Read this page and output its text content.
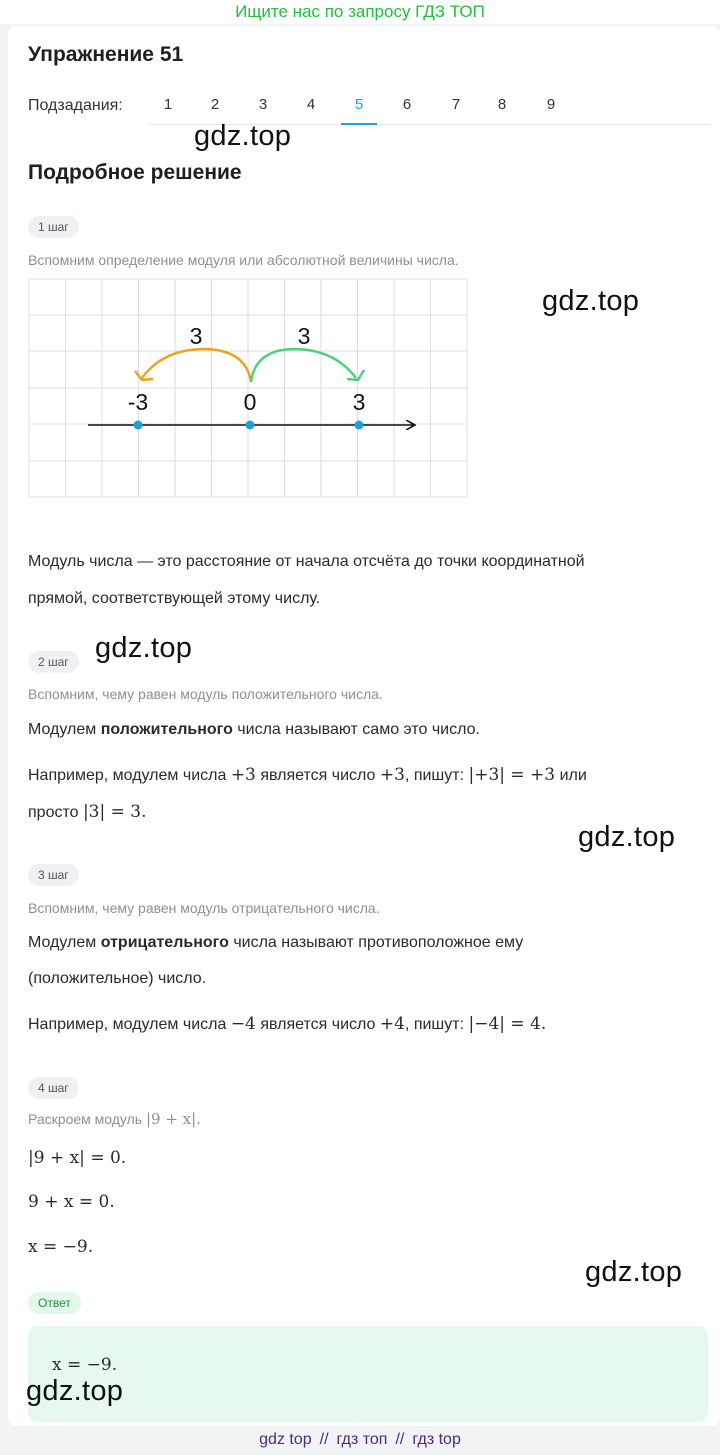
Ищите нас по запросу ГДЗ ТОП
Упражнение 51
Подзадания:	1	2	3	4	5	6	7	8	9
gdz.top
Подробное решение
1 шаг
Вспомним определение модуля или абсолютной величины числа.
3	3
-3	0	3
gdz.top
Модуль числа — это расстояние от начала отсчёта до точки координатной
прямой, соответствующей этому числу.
2 шаг gdz.top
Вспомним, чему равен модуль положительного числа.
Модулем положительного числа называют само это число.
Например, модулем числа +3 является число +3, пишут: |+3| = +3 или
просто |3| = 3.
gdz.top
3 шаг
Вспомним, чему равен модуль отрицательного числа.
Модулем отрицательного числа называют противоположное ему
(положительное) число.
Например, модулем числа −4 является число +4, пишут: |−4| = 4.
4 шаг
Раскроем модуль |9 + x|.
|9 + x| = 0.
9 + x = 0.
x = −9.
gdz.top
Ответ
x = −9.
gdz.top
gdz top // гдз топ // гдз top
